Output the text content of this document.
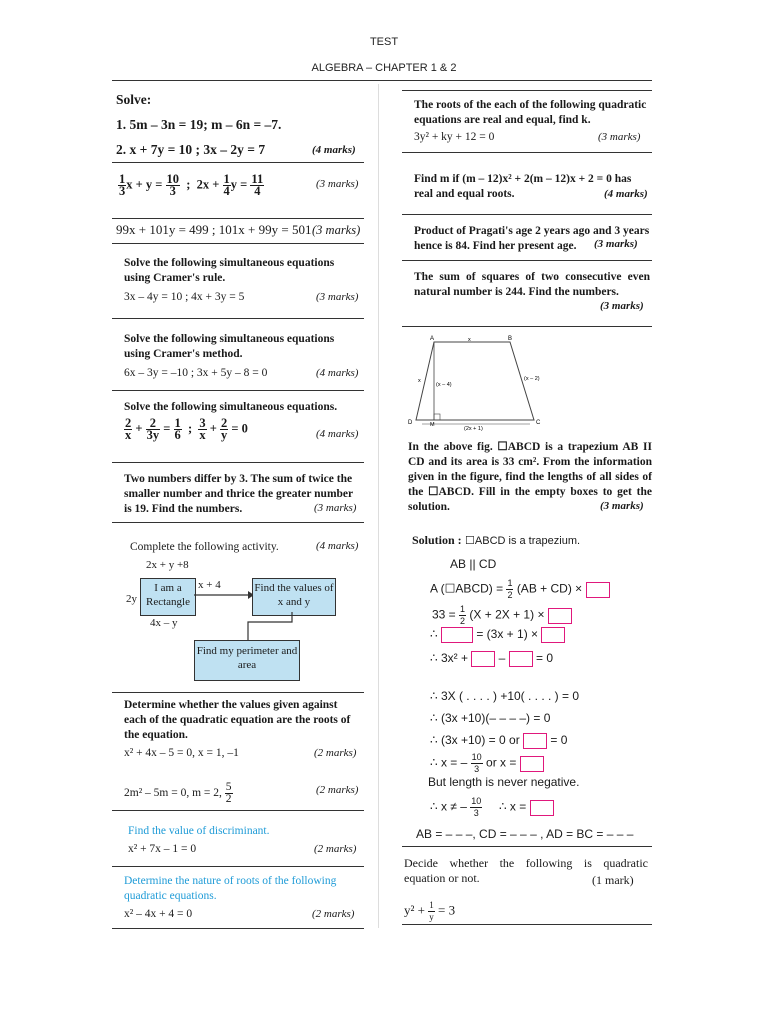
TEST
ALGEBRA – CHAPTER 1 & 2
Solve:
1. 5m – 3n = 19; m – 6n = –7.
2. x + 7y = 10 ; 3x – 2y = 7	(4 marks)
$\frac{1}{3}$ $x + y = \frac{10}{3}$ ; $2x + \frac{1}{4}$ $y = \frac{11}{4}$	(3 marks)
99x + 101y = 499 ; 101x + 99y = 501 (3 marks)
Solve the following simultaneous equations using Cramer's rule.
3x – 4y = 10 ; 4x + 3y = 5	(3 marks)
Solve the following simultaneous equations using Cramer's method.
6x – 3y = –10 ; 3x + 5y – 8 = 0	(4 marks)
Solve the following simultaneous equations.
$\frac{2}{x} + \frac{2}{3y} = \frac{1}{6}$ ; $\frac{3}{x} + \frac{2}{y} = 0$	(4 marks)
Two numbers differ by 3. The sum of twice the smaller number and thrice the greater number is 19. Find the numbers.	(3 marks)
Complete the following activity.	(4 marks)
2x + y +8
2y
I am a Rectangle
x + 4	Find the values of x and y
4x – y
Find my perimeter and area
Determine whether the values given against each of the quadratic equation are the roots of the equation.
x² + 4x – 5 = 0, x = 1, –1	(2 marks)
2m² – 5m = 0, m = 2, $\frac{5}{2}$	(2 marks)
Find the value of discriminant.
x² + 7x – 1 = 0	(2 marks)
Determine the nature of roots of the following quadratic equations.
x² – 4x + 4 = 0	(2 marks)
The roots of the each of the following quadratic equations are real and equal, find k.
3y² + ky + 12 = 0	(3 marks)
Find m if (m – 12)x² + 2(m – 12)x + 2 = 0 has real and equal roots.	(4 marks)
Product of Pragati's age 2 years ago and 3 years hence is 84. Find her present age.	(3 marks)
The sum of squares of two consecutive even natural number is 244. Find the numbers.
(3 marks)
A	B
C
D	M
x
(x – 4)
(x – 2)
(2x + 1)
x
In the above fig. ☐ABCD is a trapezium AB II CD and its area is 33 cm². From the information given in the figure, find the lengths of all sides of the ☐ABCD. Fill in the empty boxes to get the solution.	(3 marks)
Solution : ☐ABCD is a trapezium.
AB || CD
A (☐ABCD) = $\frac{1}{2} (AB + CD)$ ×
$33 = \frac{1}{2} (X + 2X + 1)$ ×
∴	= (3x + 1) ×
∴ 3x² +	–	= 0
∴ 3X ( . . . . ) +10( . . . . ) = 0
∴ (3x +10)(– – – –) = 0
∴ (3x +10) = 0 or	= 0
∴ x = – $\frac{10}{3}$ or x =
But length is never negative.
∴ x ≠ – $\frac{10}{3}$ ∴ x =
AB = – – –, CD = – – – , AD = BC = – – –
Decide whether the following is quadratic equation or not.	(1 mark)
$y^2 + \frac{1}{y} = 3$
